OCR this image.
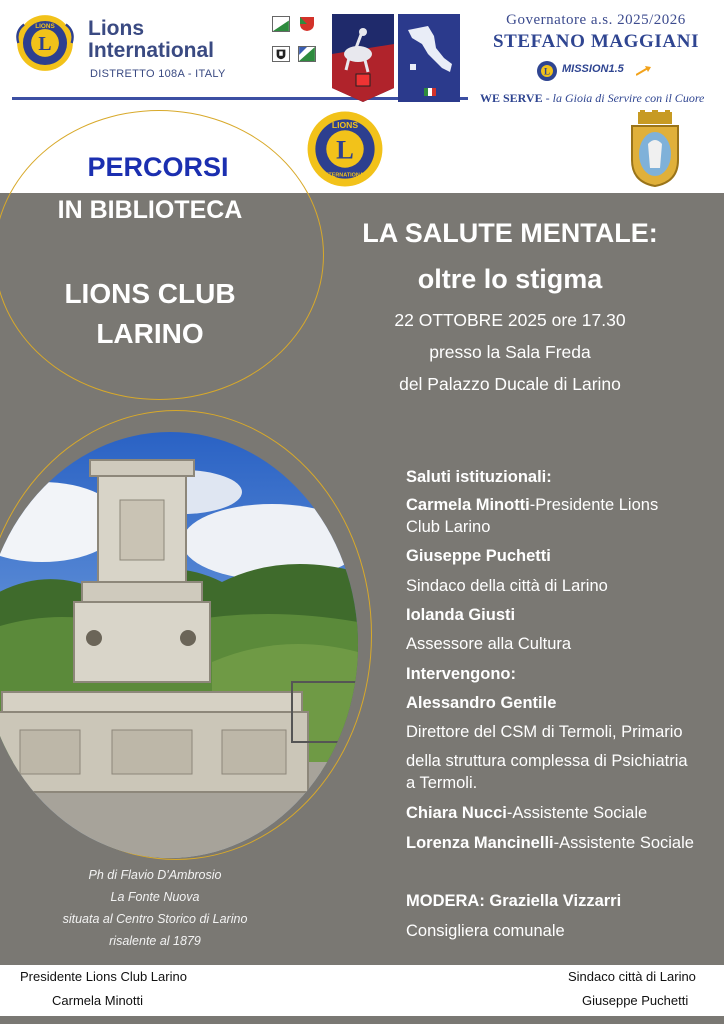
L
LIONS Lions
International
DISTRETTO 108A - ITALY
Governatore a.s. 2025/2026
STEFANO MAGGIANI
L MISSION1.5
WE SERVE - la Gioia di Servire con il Cuore
L
LIONS
INTERNATIONAL
PERCORSI
IN BIBLIOTECA
LIONS CLUB
LARINO
LA SALUTE MENTALE:
oltre lo stigma
22 OTTOBRE 2025 ore 17.30
presso la Sala Freda
del Palazzo Ducale di Larino
Ph di Flavio D'Ambrosio
La Fonte Nuova
situata al Centro Storico di Larino
risalente al 1879
Saluti istituzionali:
Carmela Minotti-Presidente Lions
Club Larino
Giuseppe Puchetti
Sindaco della città di Larino
Iolanda Giusti
Assessore alla Cultura
Intervengono:
Alessandro Gentile
Direttore del CSM di Termoli, Primario
della struttura complessa di Psichiatria
a Termoli.
Chiara Nucci-Assistente Sociale
Lorenza Mancinelli-Assistente Sociale
MODERA: Graziella Vizzarri
Consigliera comunale
Presidente Lions Club Larino
Carmela Minotti
Sindaco città di Larino
Giuseppe Puchetti
